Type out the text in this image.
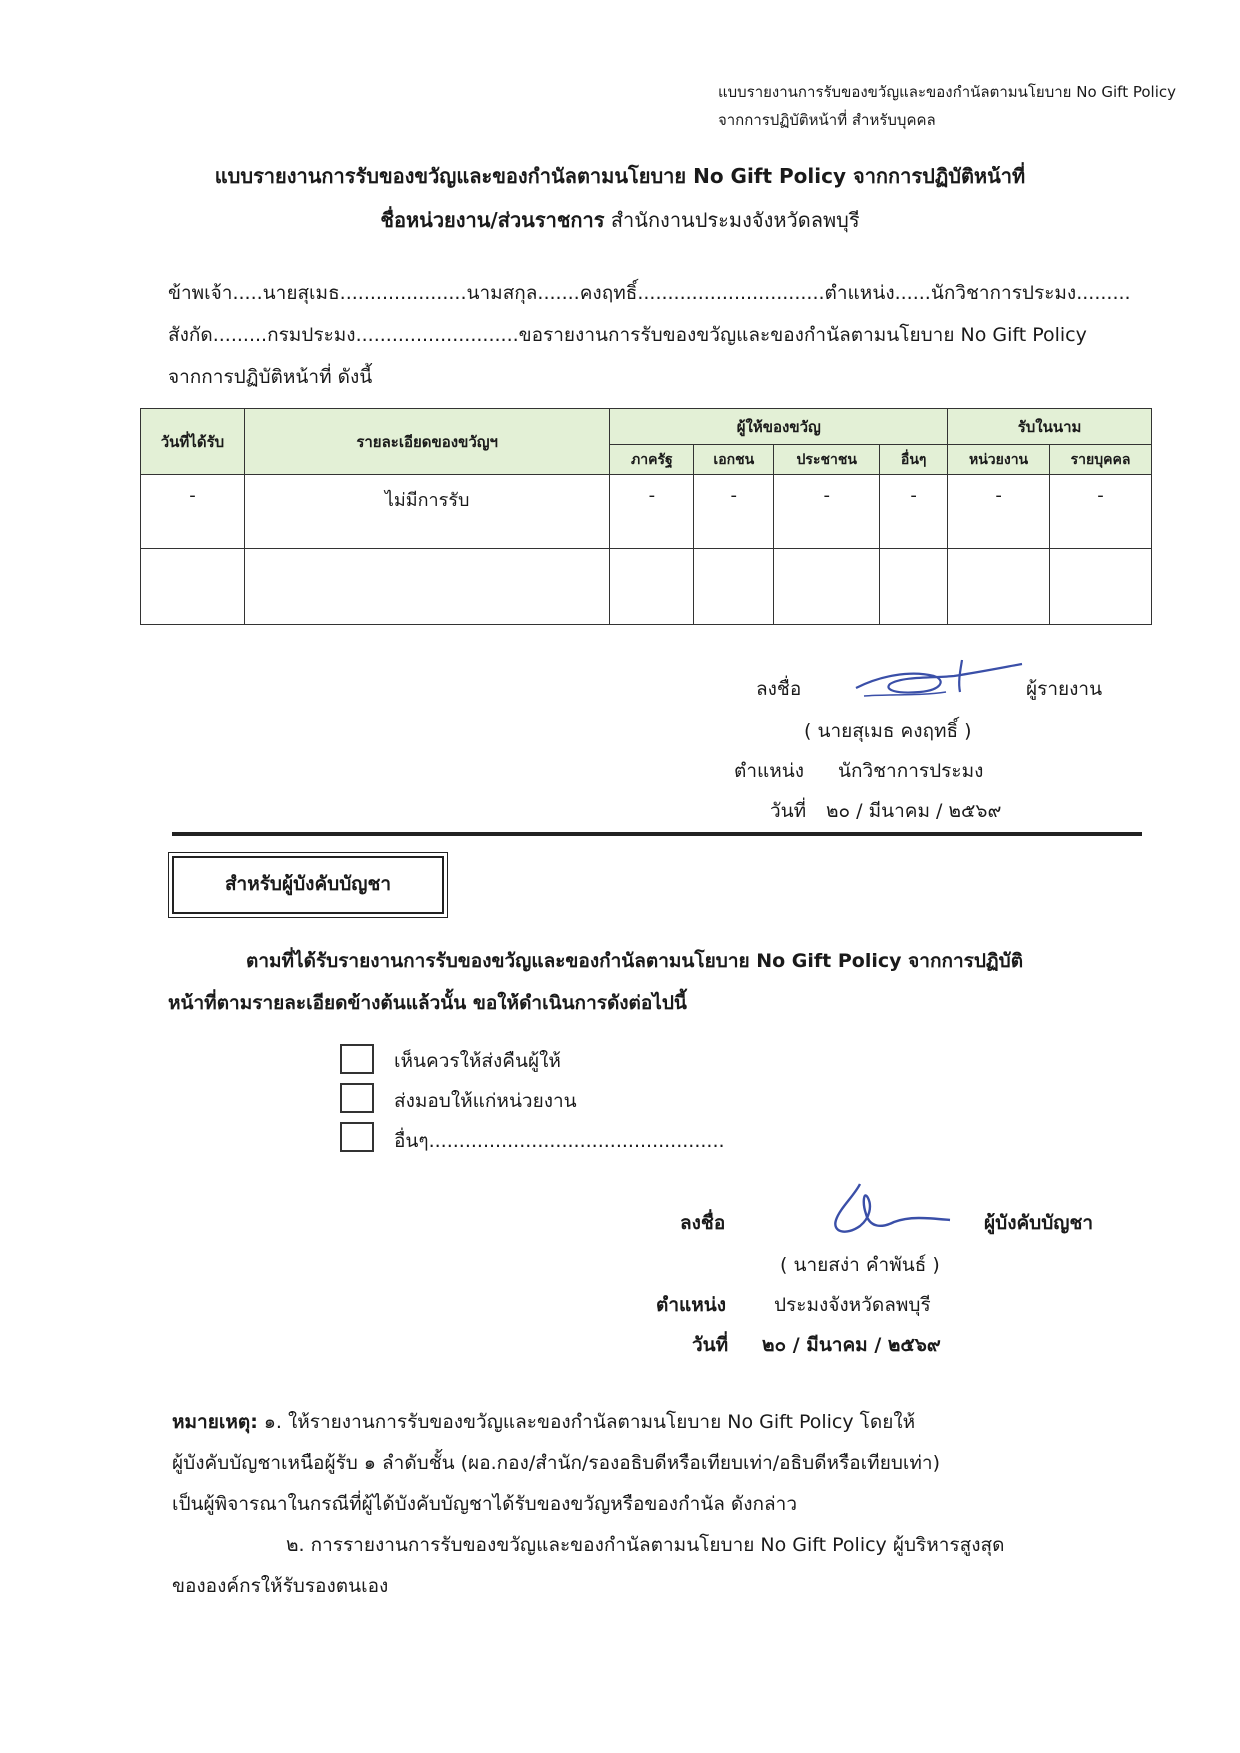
แบบรายงานการรับของขวัญและของกำนัลตามนโยบาย No Gift Policy
จากการปฏิบัติหน้าที่ สำหรับบุคคล
แบบรายงานการรับของขวัญและของกำนัลตามนโยบาย No Gift Policy จากการปฏิบัติหน้าที่
ชื่อหน่วยงาน/ส่วนราชการ สำนักงานประมงจังหวัดลพบุรี
ข้าพเจ้า.....นายสุเมธ.....................นามสกุล.......คงฤทธิ์...............................ตำแหน่ง......นักวิชาการประมง.........
สังกัด.........กรมประมง...........................ขอรายงานการรับของขวัญและของกำนัลตามนโยบาย No Gift Policy
จากการปฏิบัติหน้าที่ ดังนี้
วันที่ได้รับ	รายละเอียดของขวัญฯ	ผู้ให้ของขวัญ				รับในนาม	
		ภาครัฐ	เอกชน	ประชาชน	อื่นๆ	หน่วยงาน	รายบุคคล
-	ไม่มีการรับ	-	-	-	-	-	-

ลงชื่อ	ผู้รายงาน
( นายสุเมธ คงฤทธิ์ )
ตำแหน่ง นักวิชาการประมง
วันที่ ๒๐ / มีนาคม / ๒๕๖๙
สำหรับผู้บังคับบัญชา
ตามที่ได้รับรายงานการรับของขวัญและของกำนัลตามนโยบาย No Gift Policy จากการปฏิบัติ
หน้าที่ตามรายละเอียดข้างต้นแล้วนั้น ขอให้ดำเนินการดังต่อไปนี้
เห็นควรให้ส่งคืนผู้ให้
ส่งมอบให้แก่หน่วยงาน
อื่นๆ.................................................
ลงชื่อ	ผู้บังคับบัญชา
( นายสง่า คำพันธ์ )
ตำแหน่ง	ประมงจังหวัดลพบุรี
วันที่ ๒๐ / มีนาคม / ๒๕๖๙
หมายเหตุ: ๑. ให้รายงานการรับของขวัญและของกำนัลตามนโยบาย No Gift Policy โดยให้
ผู้บังคับบัญชาเหนือผู้รับ ๑ ลำดับชั้น (ผอ.กอง/สำนัก/รองอธิบดีหรือเทียบเท่า/อธิบดีหรือเทียบเท่า)
เป็นผู้พิจารณาในกรณีที่ผู้ได้บังคับบัญชาได้รับของขวัญหรือของกำนัล ดังกล่าว
๒. การรายงานการรับของขวัญและของกำนัลตามนโยบาย No Gift Policy ผู้บริหารสูงสุด
ขององค์กรให้รับรองตนเอง
